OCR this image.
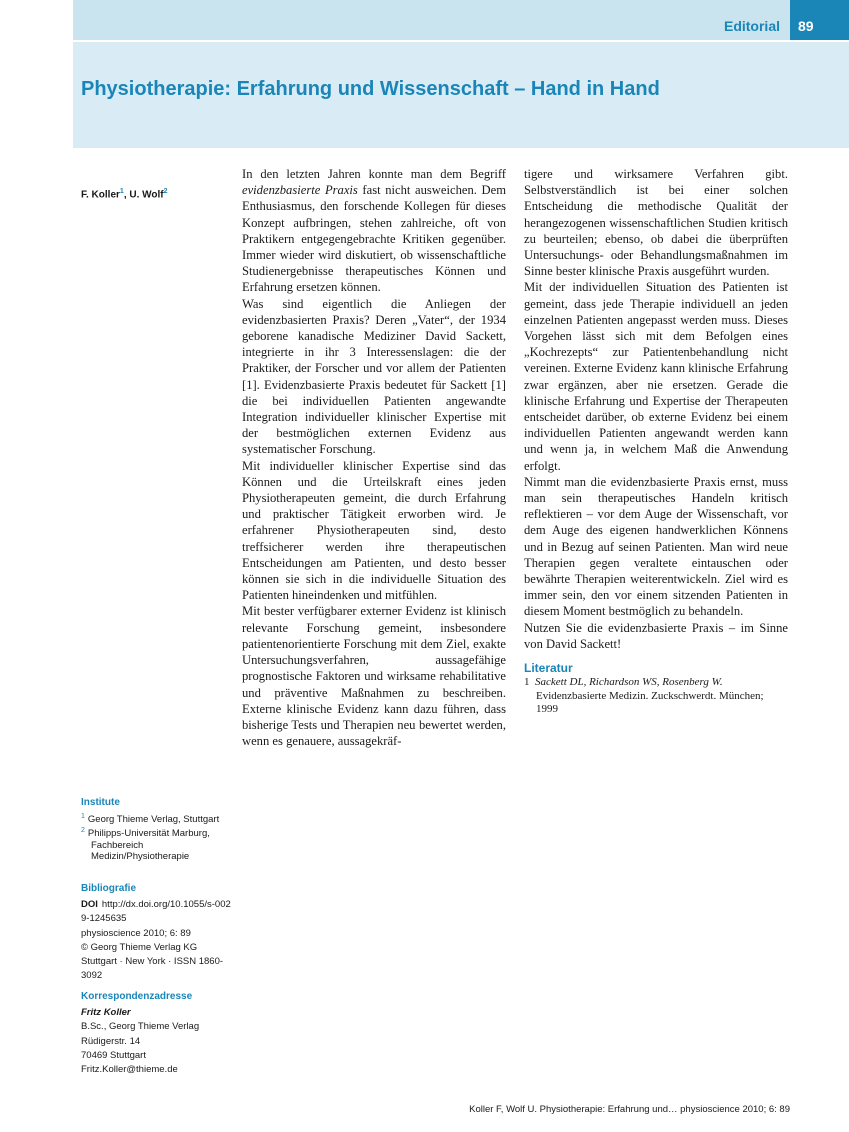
Editorial	89
Physiotherapie: Erfahrung und Wissenschaft – Hand in Hand
F. Koller$^1$, U. Wolf$^2$

In den letzten Jahren konnte man dem Begriff evidenzbasierte Praxis fast nicht ausweichen. Dem Enthusiasmus, den forschende Kollegen für dieses Konzept aufbringen, stehen zahlreiche, oft von Praktikern entgegengebrachte Kritiken gegenüber. Immer wieder wird diskutiert, ob wissenschaftliche Studienergebnisse therapeutisches Können und Erfahrung ersetzen können.

Was sind eigentlich die Anliegen der evidenzbasierten Praxis? Deren „Vater“, der 1934 geborene kanadische Mediziner David Sackett, integrierte in ihr 3 Interessenslagen: die der Praktiker, der Forscher und vor allem der Patienten [1]. Evidenzbasierte Praxis bedeutet für Sackett [1] die bei individuellen Patienten angewandte Integration individueller klinischer Expertise mit der bestmöglichen externen Evidenz aus systematischer Forschung.

Mit individueller klinischer Expertise sind das Können und die Urteilskraft eines jeden Physiotherapeuten gemeint, die durch Erfahrung und praktischer Tätigkeit erworben wird. Je erfahrener Physiotherapeuten sind, desto treffsicherer werden ihre therapeutischen Entscheidungen am Patienten, und desto besser können sie sich in die individuelle Situation des Patienten hineindenken und mitfühlen.

Mit bester verfügbarer externer Evidenz ist klinisch relevante Forschung gemeint, insbesondere patientenorientierte Forschung mit dem Ziel, exakte Untersuchungsverfahren, aussagefähige prognostische Faktoren und wirksame rehabilitative und präventive Maßnahmen zu beschreiben. Externe klinische Evidenz kann dazu führen, dass bisherige Tests und Therapien neu bewertet werden, wenn es genauere, aussagekräf-

tigere und wirksamere Verfahren gibt. Selbstverständlich ist bei einer solchen Entscheidung die methodische Qualität der herangezogenen wissenschaftlichen Studien kritisch zu beurteilen; ebenso, ob dabei die überprüften Untersuchungs- oder Behandlungsmaßnahmen im Sinne bester klinische Praxis ausgeführt wurden.

Mit der individuellen Situation des Patienten ist gemeint, dass jede Therapie individuell an jeden einzelnen Patienten angepasst werden muss. Dieses Vorgehen lässt sich mit dem Befolgen eines „Kochrezepts“ zur Patientenbehandlung nicht vereinen. Externe Evidenz kann klinische Erfahrung zwar ergänzen, aber nie ersetzen. Gerade die klinische Erfahrung und Expertise der Therapeuten entscheidet darüber, ob externe Evidenz bei einem individuellen Patienten angewandt werden kann und wenn ja, in welchem Maß die Anwendung erfolgt.

Nimmt man die evidenzbasierte Praxis ernst, muss man sein therapeutisches Handeln kritisch reflektieren – vor dem Auge der Wissenschaft, vor dem Auge des eigenen handwerklichen Könnens und in Bezug auf seinen Patienten. Man wird neue Therapien gegen veraltete eintauschen oder bewährte Therapien weiterentwickeln. Ziel wird es immer sein, den vor einem sitzenden Patienten in diesem Moment bestmöglich zu behandeln.

Nutzen Sie die evidenzbasierte Praxis – im Sinne von David Sackett!

Literatur
1 Sackett DL, Richardson WS, Rosenberg W. Evidenzbasierte Medizin. Zuckschwerdt. München; 1999
Institute
$^1$ Georg Thieme Verlag, Stuttgart
$^2$ Philipps-Universität Marburg, Fachbereich Medizin/Physiotherapie
Bibliografie
DOI http://dx.doi.org/10.1055/s-0029-1245635
physioscience 2010; 6: 89
© Georg Thieme Verlag KG
Stuttgart · New York · ISSN 1860-3092
Korrespondenzadresse
Fritz Koller
B.Sc., Georg Thieme Verlag
Rüdigerstr. 14
70469 Stuttgart
Fritz.Koller@thieme.de
Koller F, Wolf U. Physiotherapie: Erfahrung und… physioscience 2010; 6: 89
